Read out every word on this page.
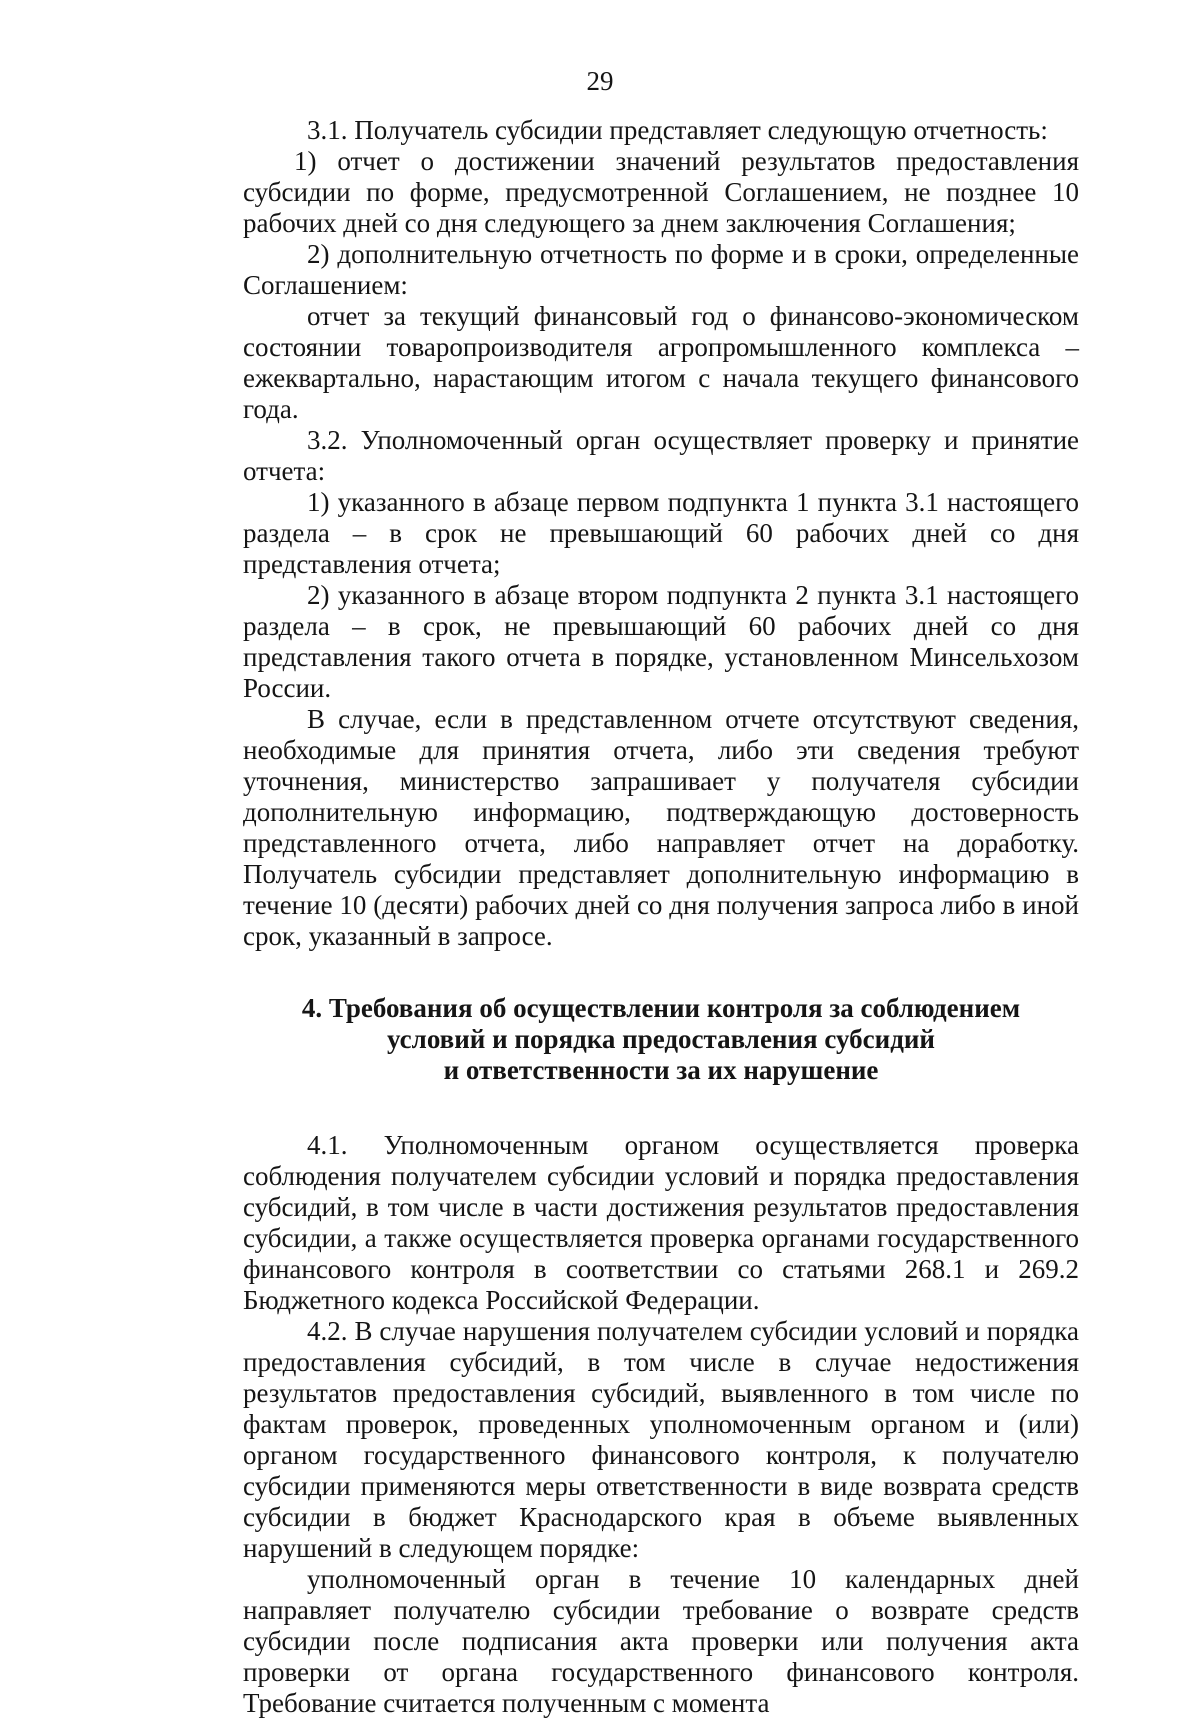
29

3.1. Получатель субсидии представляет следующую отчетность:

1) отчет о достижении значений результатов предоставления субсидии по форме, предусмотренной Соглашением, не позднее 10 рабочих дней со дня следующего за днем заключения Соглашения;

2) дополнительную отчетность по форме и в сроки, определенные Соглашением:

отчет за текущий финансовый год о финансово-экономическом состоянии товаропроизводителя агропромышленного комплекса – ежеквартально, нарастающим итогом с начала текущего финансового года.

3.2. Уполномоченный орган осуществляет проверку и принятие отчета:

1) указанного в абзаце первом подпункта 1 пункта 3.1 настоящего раздела – в срок не превышающий 60 рабочих дней со дня представления отчета;

2) указанного в абзаце втором подпункта 2 пункта 3.1 настоящего раздела – в срок, не превышающий 60 рабочих дней со дня представления такого отчета в порядке, установленном Минсельхозом России.

В случае, если в представленном отчете отсутствуют сведения, необходимые для принятия отчета, либо эти сведения требуют уточнения, министерство запрашивает у получателя субсидии дополнительную информацию, подтверждающую достоверность представленного отчета, либо направляет отчет на доработку. Получатель субсидии представляет дополнительную информацию в течение 10 (десяти) рабочих дней со дня получения запроса либо в иной срок, указанный в запросе.

4. Требования об осуществлении контроля за соблюдением
условий и порядка предоставления субсидий
и ответственности за их нарушение

4.1. Уполномоченным органом осуществляется проверка соблюдения получателем субсидии условий и порядка предоставления субсидий, в том числе в части достижения результатов предоставления субсидии, а также осуществляется проверка органами государственного финансового контроля в соответствии со статьями 268.1 и 269.2 Бюджетного кодекса Российской Федерации.

4.2. В случае нарушения получателем субсидии условий и порядка предоставления субсидий, в том числе в случае недостижения результатов предоставления субсидий, выявленного в том числе по фактам проверок, проведенных уполномоченным органом и (или) органом государственного финансового контроля, к получателю субсидии применяются меры ответственности в виде возврата средств субсидии в бюджет Краснодарского края в объеме выявленных нарушений в следующем порядке:

уполномоченный орган в течение 10 календарных дней направляет получателю субсидии требование о возврате средств субсидии после подписания акта проверки или получения акта проверки от органа государственного финансового контроля. Требование считается полученным с момента
